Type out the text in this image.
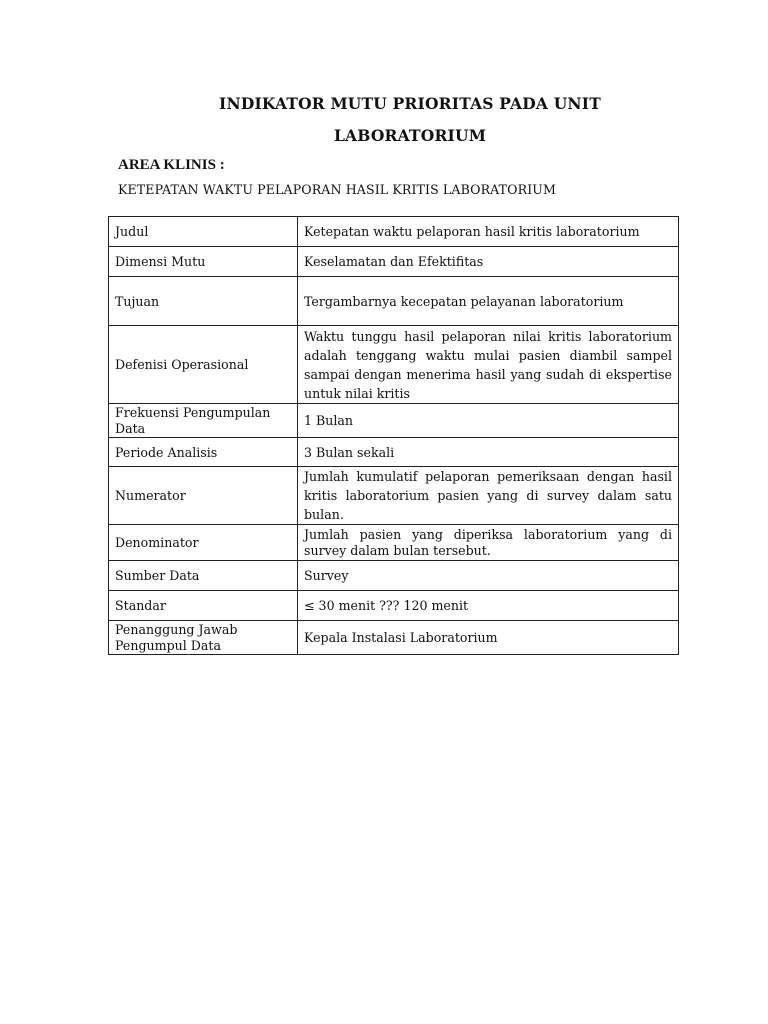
INDIKATOR MUTU PRIORITAS PADA UNIT
LABORATORIUM
AREA KLINIS :
KETEPATAN WAKTU PELAPORAN HASIL KRITIS LABORATORIUM
Judul	Ketepatan waktu pelaporan hasil kritis laboratorium
Dimensi Mutu	Keselamatan dan Efektifitas
Tujuan	Tergambarnya kecepatan pelayanan laboratorium
Defenisi Operasional	Waktu tunggu hasil pelaporan nilai kritis laboratorium adalah tenggang waktu mulai pasien diambil sampel sampai dengan menerima hasil yang sudah di ekspertise untuk nilai kritis
Frekuensi Pengumpulan Data	1 Bulan
Periode Analisis	3 Bulan sekali
Numerator	Jumlah kumulatif pelaporan pemeriksaan dengan hasil kritis laboratorium pasien yang di survey dalam satu bulan.
Denominator	Jumlah pasien yang diperiksa laboratorium yang di survey dalam bulan tersebut.
Sumber Data	Survey
Standar	≤ 30 menit ??? 120 menit
Penanggung Jawab Pengumpul Data	Kepala Instalasi Laboratorium
